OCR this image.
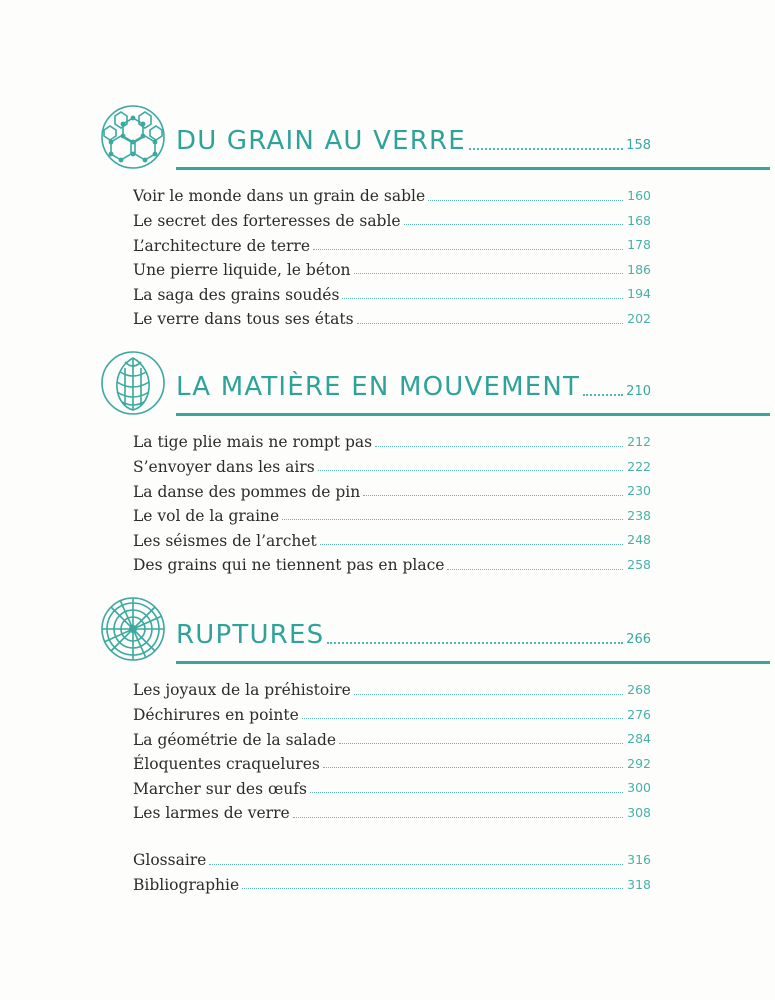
DU GRAIN AU VERRE	158
Voir le monde dans un grain de sable	160
Le secret des forteresses de sable	168
L’architecture de terre	178
Une pierre liquide, le béton	186
La saga des grains soudés	194
Le verre dans tous ses états	202
LA MATIÈRE EN MOUVEMENT	210
La tige plie mais ne rompt pas	212
S’envoyer dans les airs	222
La danse des pommes de pin	230
Le vol de la graine	238
Les séismes de l’archet	248
Des grains qui ne tiennent pas en place	258
RUPTURES	266
Les joyaux de la préhistoire	268
Déchirures en pointe	276
La géométrie de la salade	284
Éloquentes craquelures	292
Marcher sur des œufs	300
Les larmes de verre	308
Glossaire	316
Bibliographie	318
